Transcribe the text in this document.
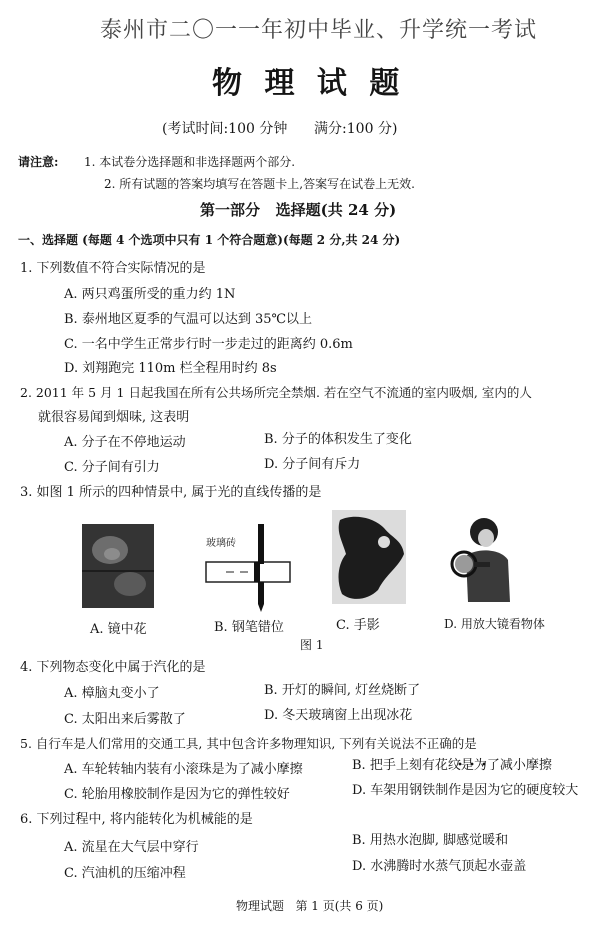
泰州市二〇一一年初中毕业、升学统一考试
物 理 试 题
(考试时间:100 分钟      满分:100 分)
请注意: 1. 本试卷分选择题和非选择题两个部分.
2. 所有试题的答案均填写在答题卡上,答案写在试卷上无效.
第一部分   选择题(共 24 分)
一、选择题 (每题 4 个选项中只有 1 个符合题意)(每题 2 分,共 24 分)
1. 下列数值不符合实际情况的是
A. 两只鸡蛋所受的重力约 1N
B. 泰州地区夏季的气温可以达到 35℃以上
C. 一名中学生正常步行时一步走过的距离约 0.6m
D. 刘翔跑完 110m 栏全程用时约 8s
2. 2011 年 5 月 1 日起我国在所有公共场所完全禁烟. 若在空气不流通的室内吸烟, 室内的人
就很容易闻到烟味, 这表明
A. 分子在不停地运动	B. 分子的体积发生了变化
C. 分子间有引力	D. 分子间有斥力
3. 如图 1 所示的四种情景中, 属于光的直线传播的是
玻璃砖
A. 镜中花	B. 钢笔错位	C. 手影	D. 用放大镜看物体
图 1
4. 下列物态变化中属于汽化的是
A. 樟脑丸变小了	B. 开灯的瞬间, 灯丝烧断了
C. 太阳出来后雾散了	D. 冬天玻璃窗上出现冰花
5. 自行车是人们常用的交通工具, 其中包含许多物理知识, 下列有关说法不正确的是
A. 车轮转轴内装有小滚珠是为了减小摩擦	B. 把手上刻有花纹是为了减小摩擦
C. 轮胎用橡胶制作是因为它的弹性较好	D. 车架用钢铁制作是因为它的硬度较大
6. 下列过程中, 将内能转化为机械能的是
A. 流星在大气层中穿行	B. 用热水泡脚, 脚感觉暖和
C. 汽油机的压缩冲程	D. 水沸腾时水蒸气顶起水壶盖
物理试题   第 1 页(共 6 页)
